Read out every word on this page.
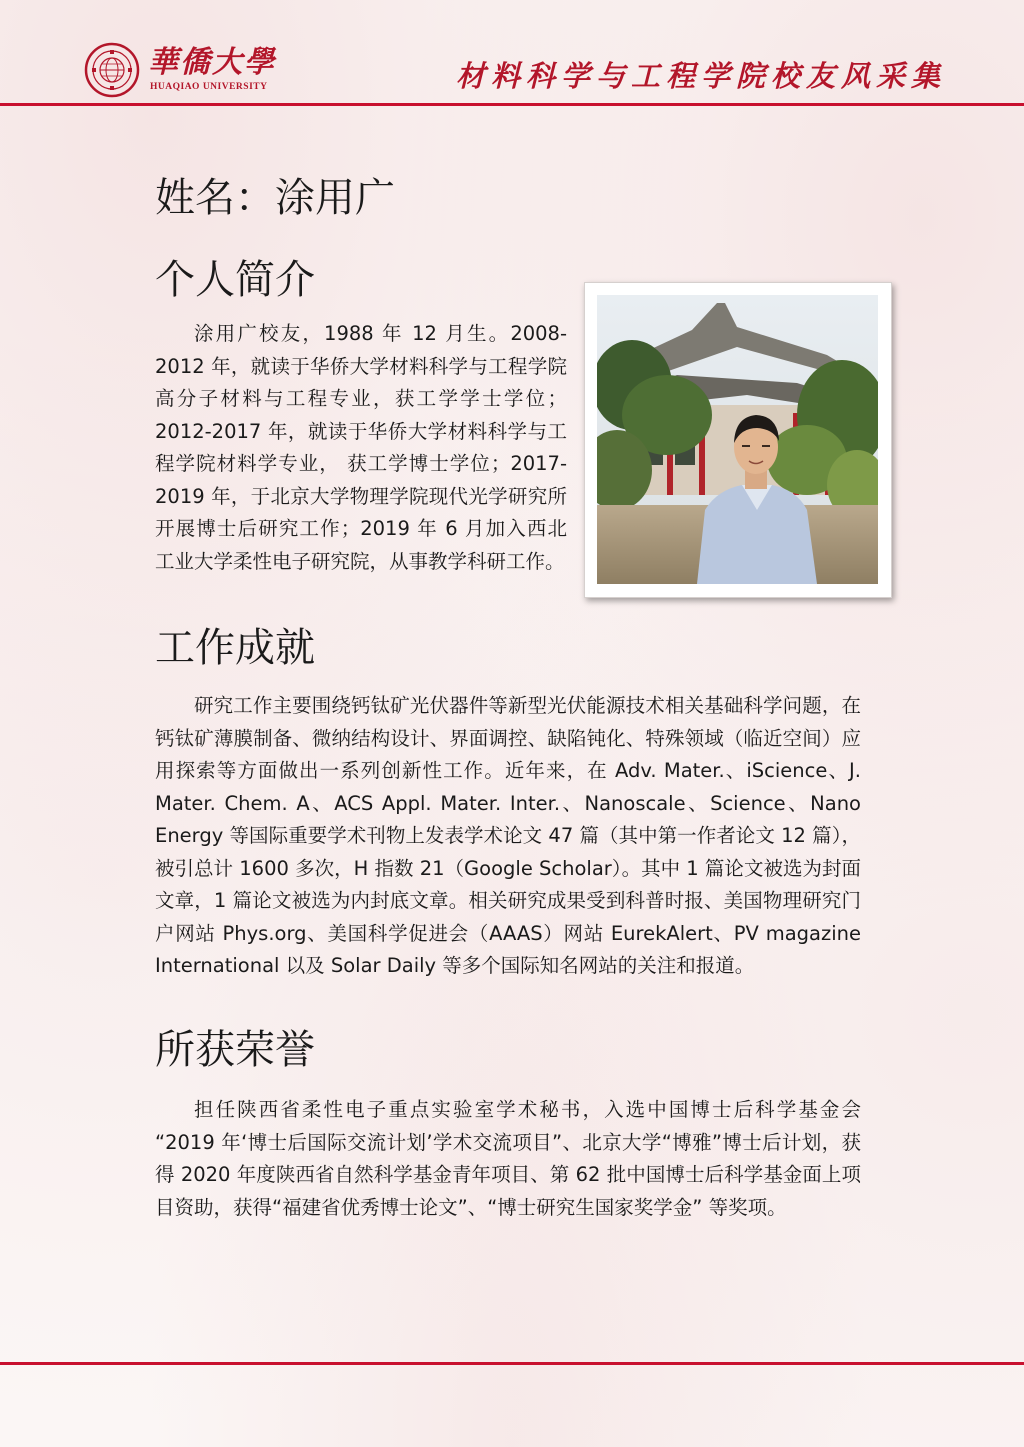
華僑大學
HUAQIAO UNIVERSITY	材料科学与工程学院校友风采集
姓名：涂用广
个人简介

涂用广校友，1988 年 12 月生。2008-2012 年，就读于华侨大学材料科学与工程学院高分子材料与工程专业，获工学学士学位；2012-2017 年，就读于华侨大学材料科学与工程学院材料学专业， 获工学博士学位；2017-2019 年，于北京大学物理学院现代光学研究所开展博士后研究工作；2019 年 6 月加入西北工业大学柔性电子研究院，从事教学科研工作。

工作成就

研究工作主要围绕钙钛矿光伏器件等新型光伏能源技术相关基础科学问题，在钙钛矿薄膜制备、微纳结构设计、界面调控、缺陷钝化、特殊领域（临近空间）应用探索等方面做出一系列创新性工作。近年来，在 Adv. Mater.、iScience、J. Mater. Chem. A、ACS Appl. Mater. Inter.、Nanoscale、Science、Nano Energy 等国际重要学术刊物上发表学术论文 47 篇（其中第一作者论文 12 篇），被引总计 1600 多次，H 指数 21（Google Scholar）。其中 1 篇论文被选为封面文章，1 篇论文被选为内封底文章。相关研究成果受到科普时报、美国物理研究门户网站 Phys.org、美国科学促进会（AAAS）网站 EurekAlert、PV magazine International 以及 Solar Daily 等多个国际知名网站的关注和报道。

所获荣誉

担任陕西省柔性电子重点实验室学术秘书，入选中国博士后科学基金会 “2019 年‘博士后国际交流计划’学术交流项目”、北京大学“博雅”博士后计划，获得 2020 年度陕西省自然科学基金青年项目、第 62 批中国博士后科学基金面上项目资助，获得“福建省优秀博士论文”、“博士研究生国家奖学金” 等奖项。
